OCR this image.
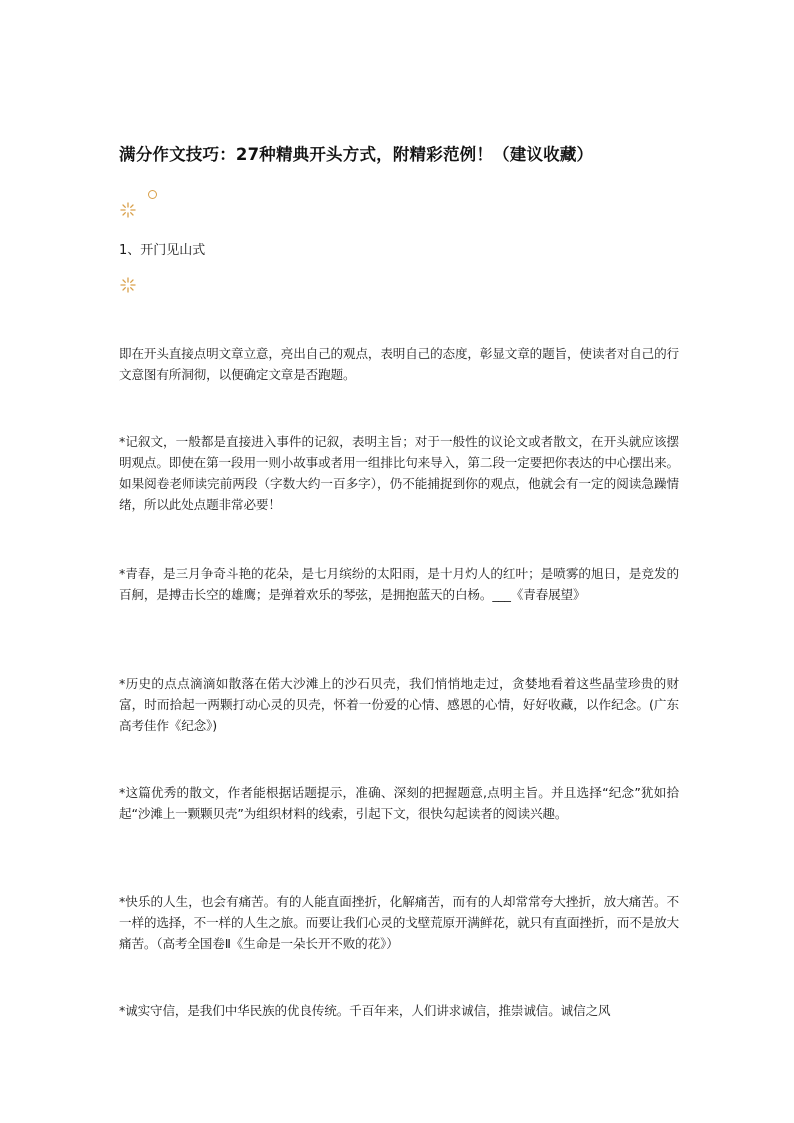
满分作文技巧：27种精典开头方式，附精彩范例！（建议收藏）
1、开门见山式
即在开头直接点明文章立意，亮出自己的观点，表明自己的态度，彰显文章的题旨，使读者对自己的行文意图有所洞彻，以便确定文章是否跑题。
*记叙文，一般都是直接进入事件的记叙，表明主旨；对于一般性的议论文或者散文，在开头就应该摆明观点。即使在第一段用一则小故事或者用一组排比句来导入，第二段一定要把你表达的中心摆出来。如果阅卷老师读完前两段（字数大约一百多字），仍不能捕捉到你的观点，他就会有一定的阅读急躁情绪，所以此处点题非常必要！
*青春，是三月争奇斗艳的花朵，是七月缤纷的太阳雨，是十月灼人的红叶；是喷雾的旭日，是竞发的百舸，是搏击长空的雄鹰；是弹着欢乐的琴弦，是拥抱蓝天的白杨。___《青春展望》
*历史的点点滴滴如散落在偌大沙滩上的沙石贝壳，我们悄悄地走过，贪婪地看着这些晶莹珍贵的财富，时而拾起一两颗打动心灵的贝壳，怀着一份爱的心情、感恩的心情，好好收藏，以作纪念。(广东高考佳作《纪念》)
*这篇优秀的散文，作者能根据话题提示，准确、深刻的把握题意,点明主旨。并且选择“纪念”犹如拾起“沙滩上一颗颗贝壳”为组织材料的线索，引起下文，很快勾起读者的阅读兴趣。
*快乐的人生，也会有痛苦。有的人能直面挫折，化解痛苦，而有的人却常常夸大挫折，放大痛苦。不一样的选择，不一样的人生之旅。而要让我们心灵的戈壁荒原开满鲜花，就只有直面挫折，而不是放大痛苦。（高考全国卷Ⅱ《生命是一朵长开不败的花》）
*诚实守信，是我们中华民族的优良传统。千百年来，人们讲求诚信，推崇诚信。诚信之风
